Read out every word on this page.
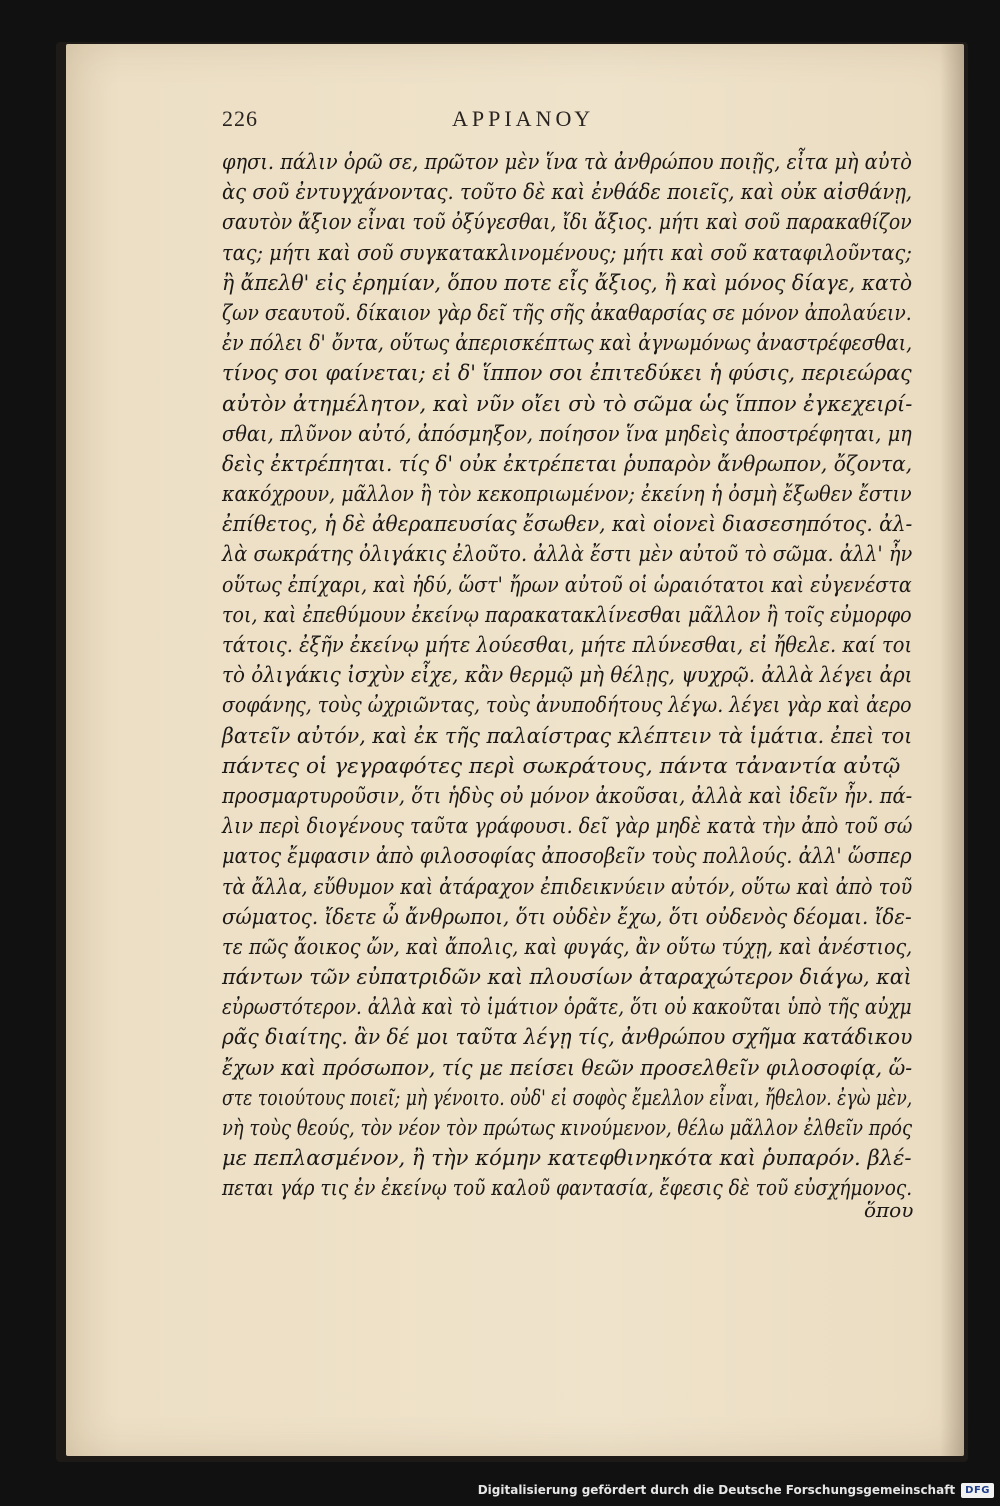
226	ΑΡΡΙΑΝΟΥ
φησι. πάλιν ὁρῶ σε, πρῶτον μὲν ἵνα τὰ ἀνθρώπου ποιῇς, εἶτα μὴ αὐτὸ
ὰς σοῦ ἐντυγχάνοντας. τοῦτο δὲ καὶ ἐνθάδε ποιεῖς, καὶ οὐκ αἰσθάνῃ,
σαυτὸν ἄξιον εἶναι τοῦ ὀξύγεσθαι, ἴδι ἄξιος. μήτι καὶ σοῦ παρακαθίζον
τας; μήτι καὶ σοῦ συγκατακλινομένους; μήτι καὶ σοῦ καταφιλοῦντας;
ἢ ἄπελθ' εἰς ἐρημίαν, ὅπου ποτε εἶς ἄξιος, ἢ καὶ μόνος δίαγε, κατὸ
ζων σεαυτοῦ. δίκαιον γὰρ δεῖ τῆς σῆς ἀκαθαρσίας σε μόνον ἀπολαύειν.
ἐν πόλει δ' ὄντα, οὕτως ἀπερισκέπτως καὶ ἀγνωμόνως ἀναστρέφεσθαι,
τίνος σοι φαίνεται; εἰ δ' ἵππον σοι ἐπιτεδύκει ἡ φύσις, περιεώρας
αὐτὸν ἀτημέλητον, καὶ νῦν οἴει σὺ τὸ σῶμα ὡς ἵππον ἐγκεχειρί-
σθαι, πλῦνον αὐτό, ἀπόσμηξον, ποίησον ἵνα μηδεὶς ἀποστρέφηται, μη
δεὶς ἐκτρέπηται. τίς δ' οὐκ ἐκτρέπεται ῥυπαρὸν ἄνθρωπον, ὄζοντα,
κακόχρουν, μᾶλλον ἢ τὸν κεκοπριωμένον; ἐκείνη ἡ ὀσμὴ ἔξωθεν ἔστιν
ἐπίθετος, ἡ δὲ ἀθεραπευσίας ἔσωθεν, καὶ οἱονεὶ διασεσηπότος. ἀλ-
λὰ σωκράτης ὀλιγάκις ἐλοῦτο. ἀλλὰ ἔστι μὲν αὐτοῦ τὸ σῶμα. ἀλλ' ἦν
οὕτως ἐπίχαρι, καὶ ἡδύ, ὥστ' ἤρων αὐτοῦ οἱ ὡραιότατοι καὶ εὐγενέστα
τοι, καὶ ἐπεθύμουν ἐκείνῳ παρακατακλίνεσθαι μᾶλλον ἢ τοῖς εὐμορφο
τάτοις. ἐξῆν ἐκείνῳ μήτε λούεσθαι, μήτε πλύνεσθαι, εἰ ἤθελε. καί τοι
τὸ ὀλιγάκις ἰσχὺν εἶχε, κἂν θερμῷ μὴ θέλῃς, ψυχρῷ. ἀλλὰ λέγει ἀρι
σοφάνης, τοὺς ὠχριῶντας, τοὺς ἀνυποδήτους λέγω. λέγει γὰρ καὶ ἀερο
βατεῖν αὐτόν, καὶ ἐκ τῆς παλαίστρας κλέπτειν τὰ ἱμάτια. ἐπεὶ τοι
πάντες οἱ γεγραφότες περὶ σωκράτους, πάντα τἀναντία αὐτῷ
προσμαρτυροῦσιν, ὅτι ἡδὺς οὐ μόνον ἀκοῦσαι, ἀλλὰ καὶ ἰδεῖν ἦν. πά-
λιν περὶ διογένους ταῦτα γράφουσι. δεῖ γὰρ μηδὲ κατὰ τὴν ἀπὸ τοῦ σώ
ματος ἔμφασιν ἀπὸ φιλοσοφίας ἀποσοβεῖν τοὺς πολλούς. ἀλλ' ὥσπερ
τὰ ἄλλα, εὔθυμον καὶ ἀτάραχον ἐπιδεικνύειν αὐτόν, οὕτω καὶ ἀπὸ τοῦ
σώματος. ἴδετε ὦ ἄνθρωποι, ὅτι οὐδὲν ἔχω, ὅτι οὐδενὸς δέομαι. ἴδε-
τε πῶς ἄοικος ὤν, καὶ ἄπολις, καὶ φυγάς, ἂν οὕτω τύχῃ, καὶ ἀνέστιος,
πάντων τῶν εὐπατριδῶν καὶ πλουσίων ἀταραχώτερον διάγω, καὶ
εὐρωστότερον. ἀλλὰ καὶ τὸ ἱμάτιον ὁρᾶτε, ὅτι οὐ κακοῦται ὑπὸ τῆς αὐχμ
ρᾶς διαίτης. ἂν δέ μοι ταῦτα λέγῃ τίς, ἀνθρώπου σχῆμα κατάδικου
ἔχων καὶ πρόσωπον, τίς με πείσει θεῶν προσελθεῖν φιλοσοφίᾳ, ὥ-
στε τοιούτους ποιεῖ; μὴ γένοιτο. οὐδ' εἰ σοφὸς ἔμελλον εἶναι, ἤθελον. ἐγὼ μὲν,
νὴ τοὺς θεούς, τὸν νέον τὸν πρώτως κινούμενον, θέλω μᾶλλον ἐλθεῖν πρός
με πεπλασμένον, ἢ τὴν κόμην κατεφθινηκότα καὶ ῥυπαρόν. βλέ-
πεται γάρ τις ἐν ἐκείνῳ τοῦ καλοῦ φαντασία, ἔφεσις δὲ τοῦ εὐσχήμονος.
ὅπου
Digitalisierung gefördert durch die Deutsche Forschungsgemeinschaft	DFG
